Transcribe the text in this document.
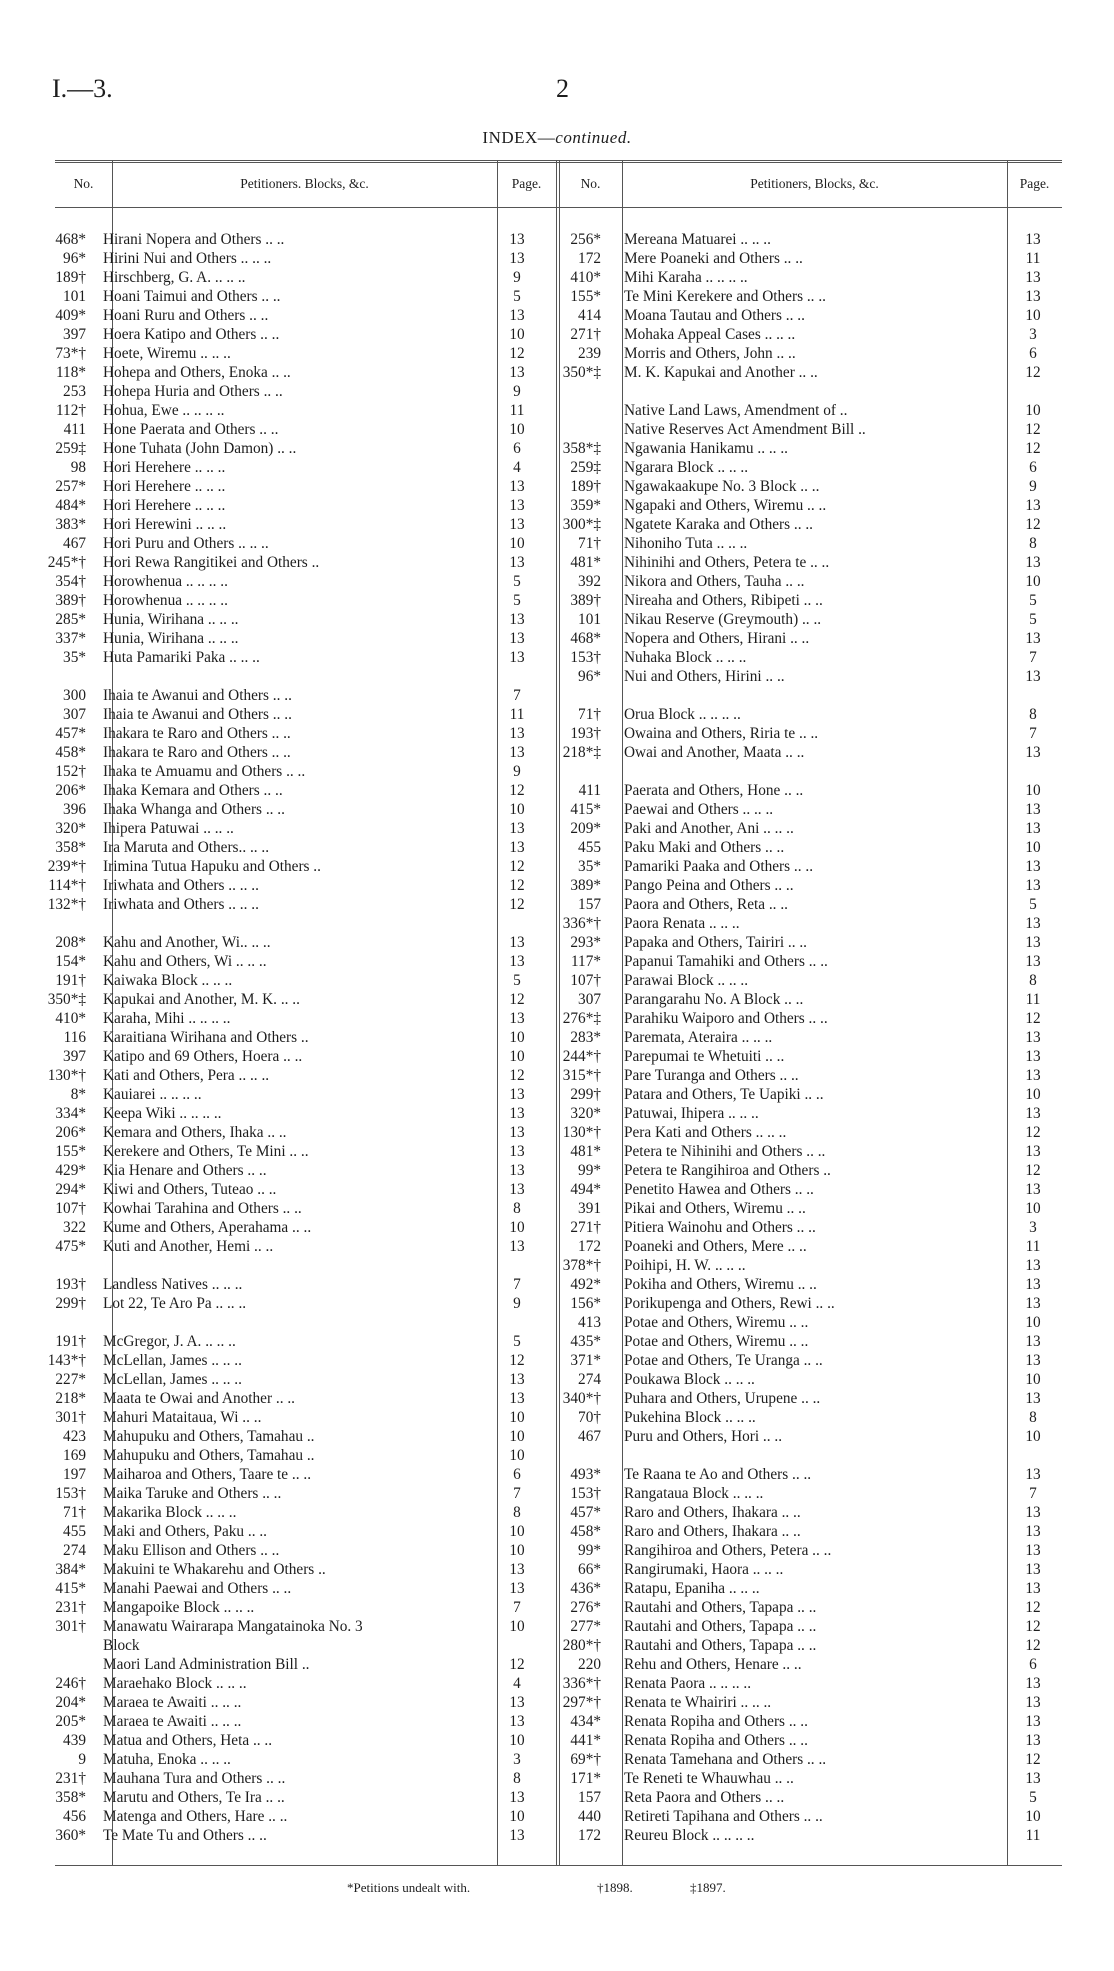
I.—3.	2
INDEX—continued.
No.	Petitioners. Blocks, &c.	Page.	No.	Petitioners, Blocks, &c.	Page.
468* Hirani Nopera and Others .. ..	13
96* Hirini Nui and Others .. .. ..	13
189† Hirschberg, G. A. .. .. ..	9
101 Hoani Taimui and Others .. ..	5
409* Hoani Ruru and Others .. ..	13
397 Hoera Katipo and Others .. ..	10
73*† Hoete, Wiremu .. .. ..	12
118* Hohepa and Others, Enoka .. ..	13
253 Hohepa Huria and Others .. ..	9
112† Hohua, Ewe .. .. .. ..	11
411 Hone Paerata and Others .. ..	10
259‡ Hone Tuhata (John Damon) .. ..	6
98 Hori Herehere .. .. ..	4
257* Hori Herehere .. .. ..	13
484* Hori Herehere .. .. ..	13
383* Hori Herewini .. .. ..	13
467 Hori Puru and Others .. .. ..	10
245*† Hori Rewa Rangitikei and Others ..	13
354† Horowhenua .. .. .. ..	5
389† Horowhenua .. .. .. ..	5
285* Hunia, Wirihana .. .. ..	13
337* Hunia, Wirihana .. .. ..	13
35* Huta Pamariki Paka .. .. ..	13
300 Ihaia te Awanui and Others .. ..	7
307 Ihaia te Awanui and Others .. ..	11
457* Ihakara te Raro and Others .. ..	13
458* Ihakara te Raro and Others .. ..	13
152† Ihaka te Amuamu and Others .. ..	9
206* Ihaka Kemara and Others .. ..	12
396 Ihaka Whanga and Others .. ..	10
320* Ihipera Patuwai .. .. ..	13
358* Ira Maruta and Others.. .. ..	13
239*† Irimina Tutua Hapuku and Others ..	12
114*† Iriwhata and Others .. .. ..	12
132*† Iriwhata and Others .. .. ..	12
208* Kahu and Another, Wi.. .. ..	13
154* Kahu and Others, Wi .. .. ..	13
191† Kaiwaka Block .. .. ..	5
350*‡ Kapukai and Another, M. K. .. ..	12
410* Karaha, Mihi .. .. .. ..	13
116 Karaitiana Wirihana and Others ..	10
397 Katipo and 69 Others, Hoera .. ..	10
130*† Kati and Others, Pera .. .. ..	12
8* Kauiarei .. .. .. ..	13
334* Keepa Wiki .. .. .. ..	13
206* Kemara and Others, Ihaka .. ..	13
155* Kerekere and Others, Te Mini .. ..	13
429* Kia Henare and Others .. ..	13
294* Kiwi and Others, Tuteao .. ..	13
107† Kowhai Tarahina and Others .. ..	8
322 Kume and Others, Aperahama .. ..	10
475* Kuti and Another, Hemi .. ..	13
193† Landless Natives .. .. ..	7
299† Lot 22, Te Aro Pa .. .. ..	9
191† McGregor, J. A. .. .. ..	5
143*† McLellan, James .. .. ..	12
227* McLellan, James .. .. ..	13
218* Maata te Owai and Another .. ..	13
301† Mahuri Mataitaua, Wi .. ..	10
423 Mahupuku and Others, Tamahau ..	10
169 Mahupuku and Others, Tamahau ..	10
197 Maiharoa and Others, Taare te .. ..	6
153† Maika Taruke and Others .. ..	7
71† Makarika Block .. .. ..	8
455 Maki and Others, Paku .. ..	10
274 Maku Ellison and Others .. ..	10
384* Makuini te Whakarehu and Others ..	13
415* Manahi Paewai and Others .. ..	13
231† Mangapoike Block .. .. ..	7
301† Manawatu Wairarapa Mangatainoka No. 3	10
Block
Maori Land Administration Bill ..	12
246† Maraehako Block .. .. ..	4
204* Maraea te Awaiti .. .. ..	13
205* Maraea te Awaiti .. .. ..	13
439 Matua and Others, Heta .. ..	10
9 Matuha, Enoka .. .. ..	3
231† Mauhana Tura and Others .. ..	8
358* Marutu and Others, Te Ira .. ..	13
456 Matenga and Others, Hare .. ..	10
360* Te Mate Tu and Others .. ..	13
256* Mereana Matuarei .. .. ..	13
172 Mere Poaneki and Others .. ..	11
410* Mihi Karaha .. .. .. ..	13
155* Te Mini Kerekere and Others .. ..	13
414 Moana Tautau and Others .. ..	10
271† Mohaka Appeal Cases .. .. ..	3
239 Morris and Others, John .. ..	6
350*‡ M. K. Kapukai and Another .. ..	12
Native Land Laws, Amendment of ..	10
Native Reserves Act Amendment Bill ..	12
358*‡ Ngawania Hanikamu .. .. ..	12
259‡ Ngarara Block .. .. ..	6
189† Ngawakaakupe No. 3 Block .. ..	9
359* Ngapaki and Others, Wiremu .. ..	13
300*‡ Ngatete Karaka and Others .. ..	12
71† Nihoniho Tuta .. .. ..	8
481* Nihinihi and Others, Petera te .. ..	13
392 Nikora and Others, Tauha .. ..	10
389† Nireaha and Others, Ribipeti .. ..	5
101 Nikau Reserve (Greymouth) .. ..	5
468* Nopera and Others, Hirani .. ..	13
153† Nuhaka Block .. .. ..	7
96* Nui and Others, Hirini .. ..	13
71† Orua Block .. .. .. ..	8
193† Owaina and Others, Riria te .. ..	7
218*‡ Owai and Another, Maata .. ..	13
411 Paerata and Others, Hone .. ..	10
415* Paewai and Others .. .. ..	13
209* Paki and Another, Ani .. .. ..	13
455 Paku Maki and Others .. ..	10
35* Pamariki Paaka and Others .. ..	13
389* Pango Peina and Others .. ..	13
157 Paora and Others, Reta .. ..	5
336*† Paora Renata .. .. ..	13
293* Papaka and Others, Tairiri .. ..	13
117* Papanui Tamahiki and Others .. ..	13
107† Parawai Block .. .. ..	8
307 Parangarahu No. A Block .. ..	11
276*‡ Parahiku Waiporo and Others .. ..	12
283* Paremata, Ateraira .. .. ..	13
244*† Parepumai te Whetuiti .. ..	13
315*† Pare Turanga and Others .. ..	13
299† Patara and Others, Te Uapiki .. ..	10
320* Patuwai, Ihipera .. .. ..	13
130*† Pera Kati and Others .. .. ..	12
481* Petera te Nihinihi and Others .. ..	13
99* Petera te Rangihiroa and Others ..	12
494* Penetito Hawea and Others .. ..	13
391 Pikai and Others, Wiremu .. ..	10
271† Pitiera Wainohu and Others .. ..	3
172 Poaneki and Others, Mere .. ..	11
378*† Poihipi, H. W. .. .. ..	13
492* Pokiha and Others, Wiremu .. ..	13
156* Porikupenga and Others, Rewi .. ..	13
413 Potae and Others, Wiremu .. ..	10
435* Potae and Others, Wiremu .. ..	13
371* Potae and Others, Te Uranga .. ..	13
274 Poukawa Block .. .. ..	10
340*† Puhara and Others, Urupene .. ..	13
70† Pukehina Block .. .. ..	8
467 Puru and Others, Hori .. ..	10
493* Te Raana te Ao and Others .. ..	13
153† Rangataua Block .. .. ..	7
457* Raro and Others, Ihakara .. ..	13
458* Raro and Others, Ihakara .. ..	13
99* Rangihiroa and Others, Petera .. ..	13
66* Rangirumaki, Haora .. .. ..	13
436* Ratapu, Epaniha .. .. ..	13
276* Rautahi and Others, Tapapa .. ..	12
277* Rautahi and Others, Tapapa .. ..	12
280*† Rautahi and Others, Tapapa .. ..	12
220 Rehu and Others, Henare .. ..	6
336*† Renata Paora .. .. .. ..	13
297*† Renata te Whairiri .. .. ..	13
434* Renata Ropiha and Others .. ..	13
441* Renata Ropiha and Others .. ..	13
69*† Renata Tamehana and Others .. ..	12
171* Te Reneti te Whauwhau .. ..	13
157 Reta Paora and Others .. ..	5
440 Retireti Tapihana and Others .. ..	10
172 Reureu Block .. .. .. ..	11
*Petitions undealt with.	†1898.	‡1897.
